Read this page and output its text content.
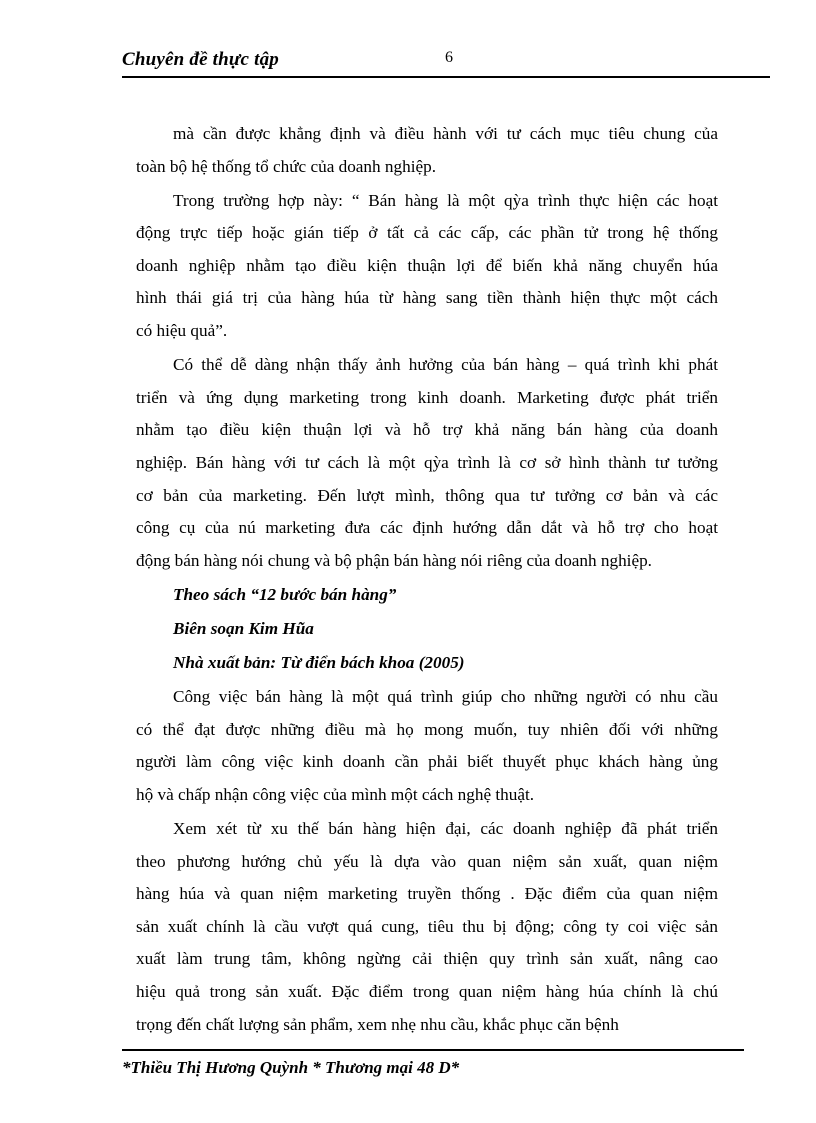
Chuyên đề thực tập	6
mà cần được khẳng định và điều hành với tư cách mục tiêu chung của
toàn bộ hệ thống tổ chức của doanh nghiệp.
Trong trường hợp này: “ Bán hàng là một qỳa trình thực hiện các hoạt
động trực tiếp hoặc gián tiếp ở tất cả các cấp, các phần tử trong hệ thống
doanh nghiệp nhằm tạo điều kiện thuận lợi để biến khả năng chuyển húa
hình thái giá trị của hàng húa từ hàng sang tiền thành hiện thực một cách
có hiệu quả”.
Có thể dễ dàng nhận thấy ảnh hưởng của bán hàng – quá trình khi phát
triển và ứng dụng marketing trong kinh doanh. Marketing được phát triển
nhằm tạo điều kiện thuận lợi và hỗ trợ khả năng bán hàng của doanh
nghiệp. Bán hàng với tư cách là một qỳa trình là cơ sở hình thành tư tưởng
cơ bản của marketing. Đến lượt mình, thông qua tư tưởng cơ bản và các
công cụ của nú marketing đưa các định hướng dẫn dắt và hỗ trợ cho hoạt
động bán hàng nói chung và bộ phận bán hàng nói riêng của doanh nghiệp.
Theo sách “12 bước bán hàng”
Biên soạn Kim Hũa
Nhà xuất bản: Từ điển bách khoa (2005)
Công việc bán hàng là một quá trình giúp cho những người có nhu cầu
có thể đạt được những điều mà họ mong muốn, tuy nhiên đối với những
người làm công việc kinh doanh cần phải biết thuyết phục khách hàng ủng
hộ và chấp nhận công việc của mình một cách nghệ thuật.
Xem xét từ xu thế bán hàng hiện đại, các doanh nghiệp đã phát triển
theo phương hướng chủ yếu là dựa vào quan niệm sản xuất, quan niệm
hàng húa và quan niệm marketing truyền thống . Đặc điểm của quan niệm
sản xuất chính là cầu vượt quá cung, tiêu thu bị động; công ty coi việc sản
xuất làm trung tâm, không ngừng cải thiện quy trình sản xuất, nâng cao
hiệu quả trong sản xuất. Đặc điểm trong quan niệm hàng húa chính là chú
trọng đến chất lượng sản phẩm, xem nhẹ nhu cầu, khắc phục căn bệnh
*Thiều Thị Hương Quỳnh * Thương mại 48 D*
